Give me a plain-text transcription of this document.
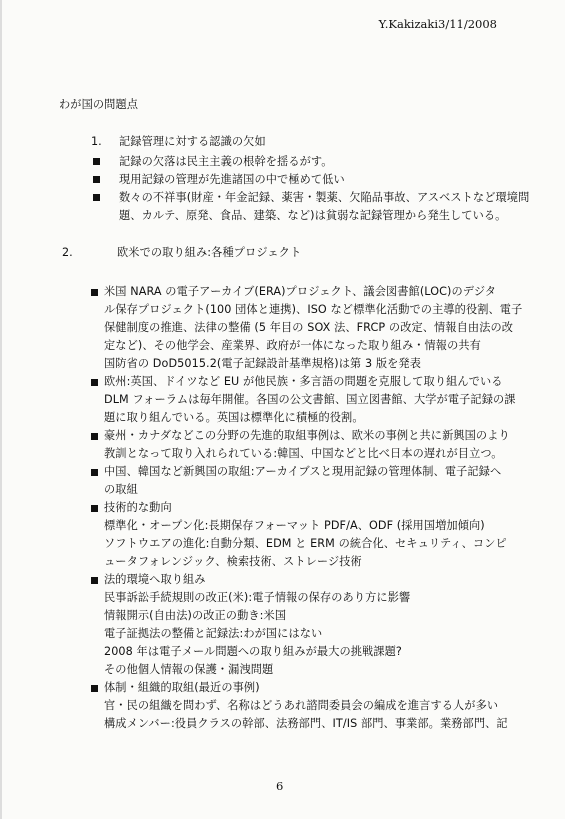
Y.Kakizaki3/11/2008
わが国の問題点
1. 記録管理に対する認識の欠如
記録の欠落は民主主義の根幹を揺るがす。
現用記録の管理が先進諸国の中で極めて低い
数々の不祥事(財産・年金記録、薬害・製薬、欠陥品事故、アスベストなど環境問
題、カルテ、原発、食品、建築、など)は貧弱な記録管理から発生している。
2.	欧米での取り組み:各種プロジェクト
米国 NARA の電子アーカイブ(ERA)プロジェクト、議会図書館(LOC)のデジタ
ル保存プロジェクト(100 団体と連携)、ISO など標準化活動での主導的役割、電子
保健制度の推進、法律の整備 (5 年目の SOX 法、FRCP の改定、情報自由法の改
定など)、その他学会、産業界、政府が一体になった取り組み・情報の共有
国防省の DoD5015.2(電子記録設計基準規格)は第 3 版を発表
欧州:英国、ドイツなど EU が他民族・多言語の問題を克服して取り組んでいる
DLM フォーラムは毎年開催。各国の公文書館、国立図書館、大学が電子記録の課
題に取り組んでいる。英国は標準化に積極的役割。
豪州・カナダなどこの分野の先進的取組事例は、欧米の事例と共に新興国のより
教訓となって取り入れられている:韓国、中国などと比べ日本の遅れが目立つ。
中国、韓国など新興国の取組:アーカイブスと現用記録の管理体制、電子記録へ
の取組
技術的な動向
標準化・オープン化:長期保存フォーマット PDF/A、ODF (採用国増加傾向)
ソフトウエアの進化:自動分類、EDM と ERM の統合化、セキュリティ、コンピ
ュータフォレンジック、検索技術、ストレージ技術
法的環境へ取り組み
民事訴訟手続規則の改正(米):電子情報の保存のあり方に影響
情報開示(自由法)の改正の動き:米国
電子証拠法の整備と記録法:わが国にはない
2008 年は電子メール問題への取り組みが最大の挑戦課題?
その他個人情報の保護・漏洩問題
体制・組織的取組(最近の事例)
官・民の組織を問わず、名称はどうあれ諮問委員会の編成を進言する人が多い
構成メンバー:役員クラスの幹部、法務部門、IT/IS 部門、事業部。業務部門、記
6
